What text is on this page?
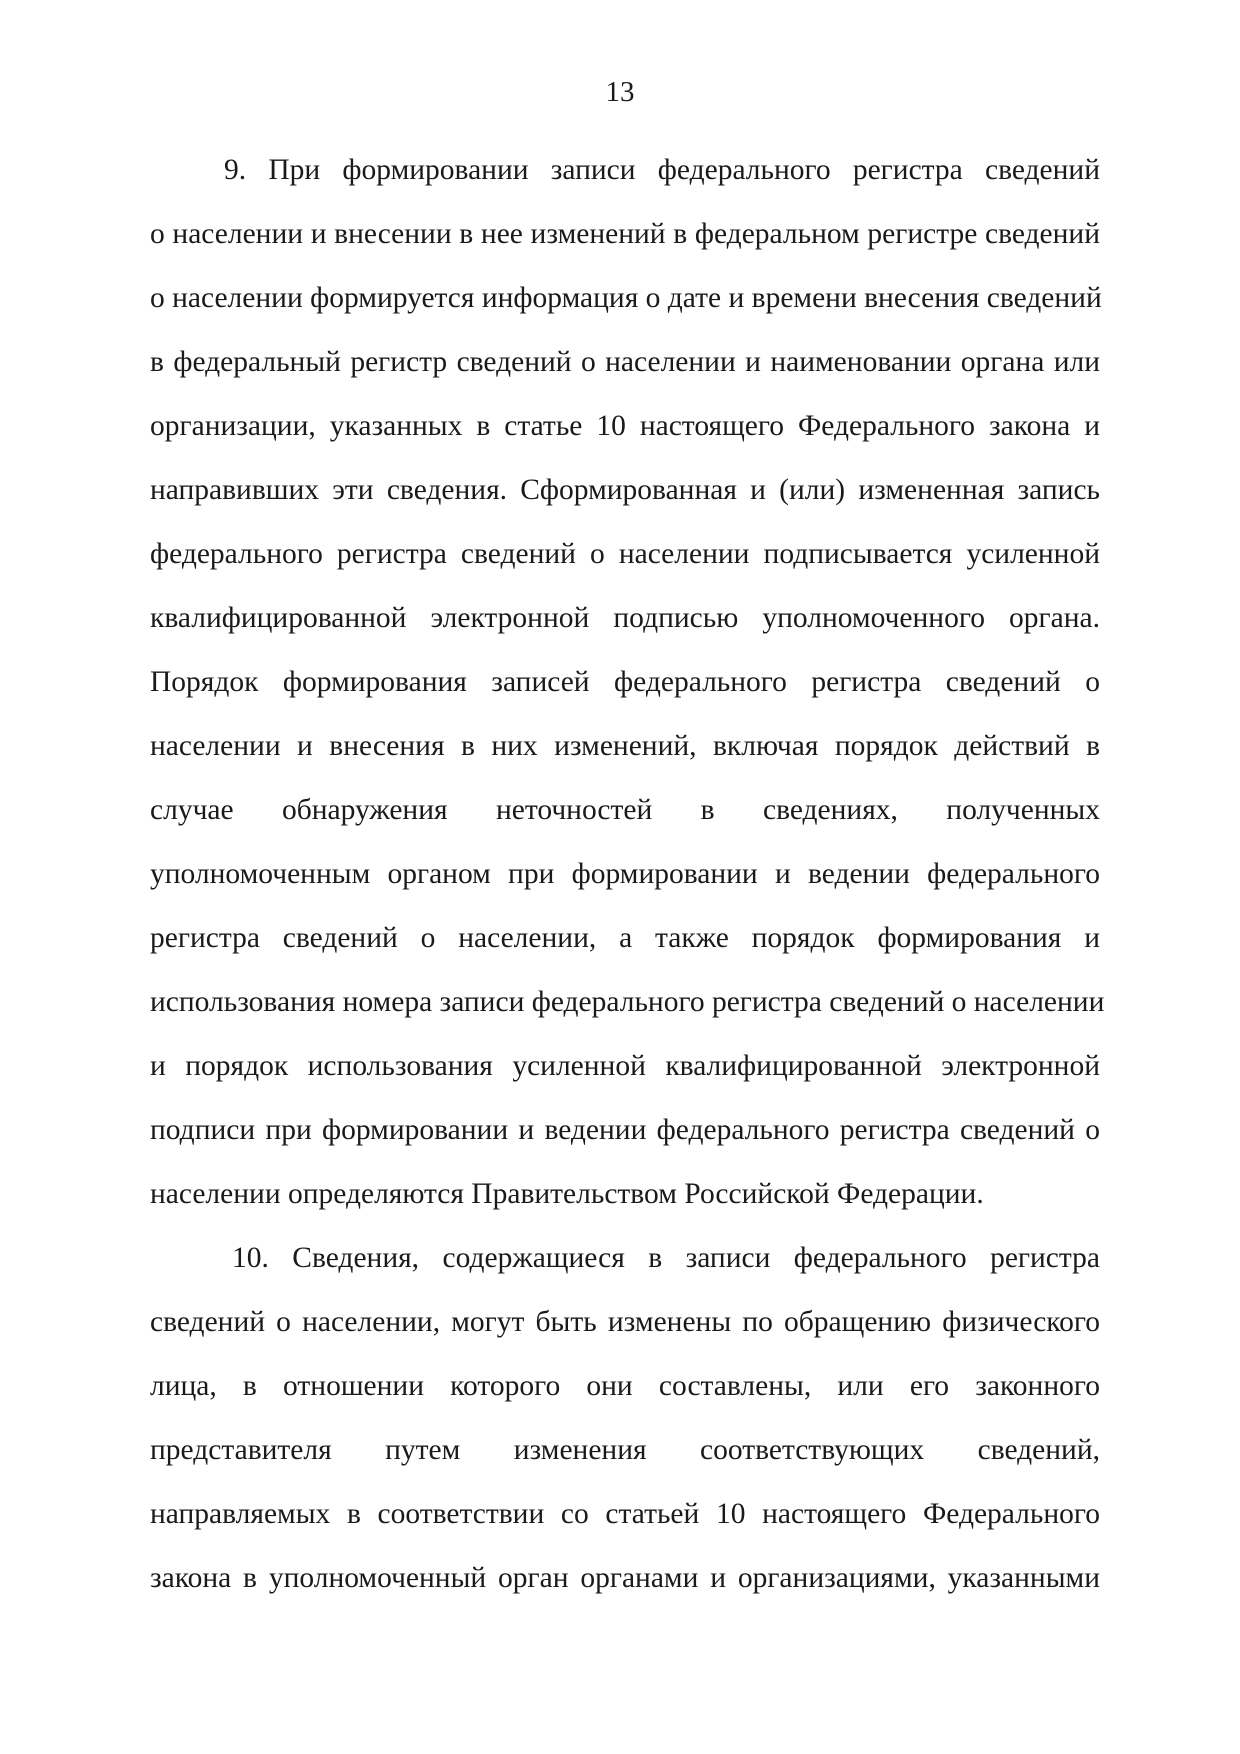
13
9. При формировании записи федерального регистра сведений
о населении и внесении в нее изменений в федеральном регистре сведений
о населении формируется информация о дате и времени внесения сведений
в федеральный регистр сведений о населении и наименовании органа или
организации, указанных в статье 10 настоящего Федерального закона и
направивших эти сведения. Сформированная и (или) измененная запись
федерального регистра сведений о населении подписывается усиленной
квалифицированной электронной подписью уполномоченного органа.
Порядок формирования записей федерального регистра сведений о
населении и внесения в них изменений, включая порядок действий в
случае обнаружения неточностей в сведениях, полученных
уполномоченным органом при формировании и ведении федерального
регистра сведений о населении, а также порядок формирования и
использования номера записи федерального регистра сведений о населении
и порядок использования усиленной квалифицированной электронной
подписи при формировании и ведении федерального регистра сведений о
населении определяются Правительством Российской Федерации.
10. Сведения, содержащиеся в записи федерального регистра
сведений о населении, могут быть изменены по обращению физического
лица, в отношении которого они составлены, или его законного
представителя путем изменения соответствующих сведений,
направляемых в соответствии со статьей 10 настоящего Федерального
закона в уполномоченный орган органами и организациями, указанными
